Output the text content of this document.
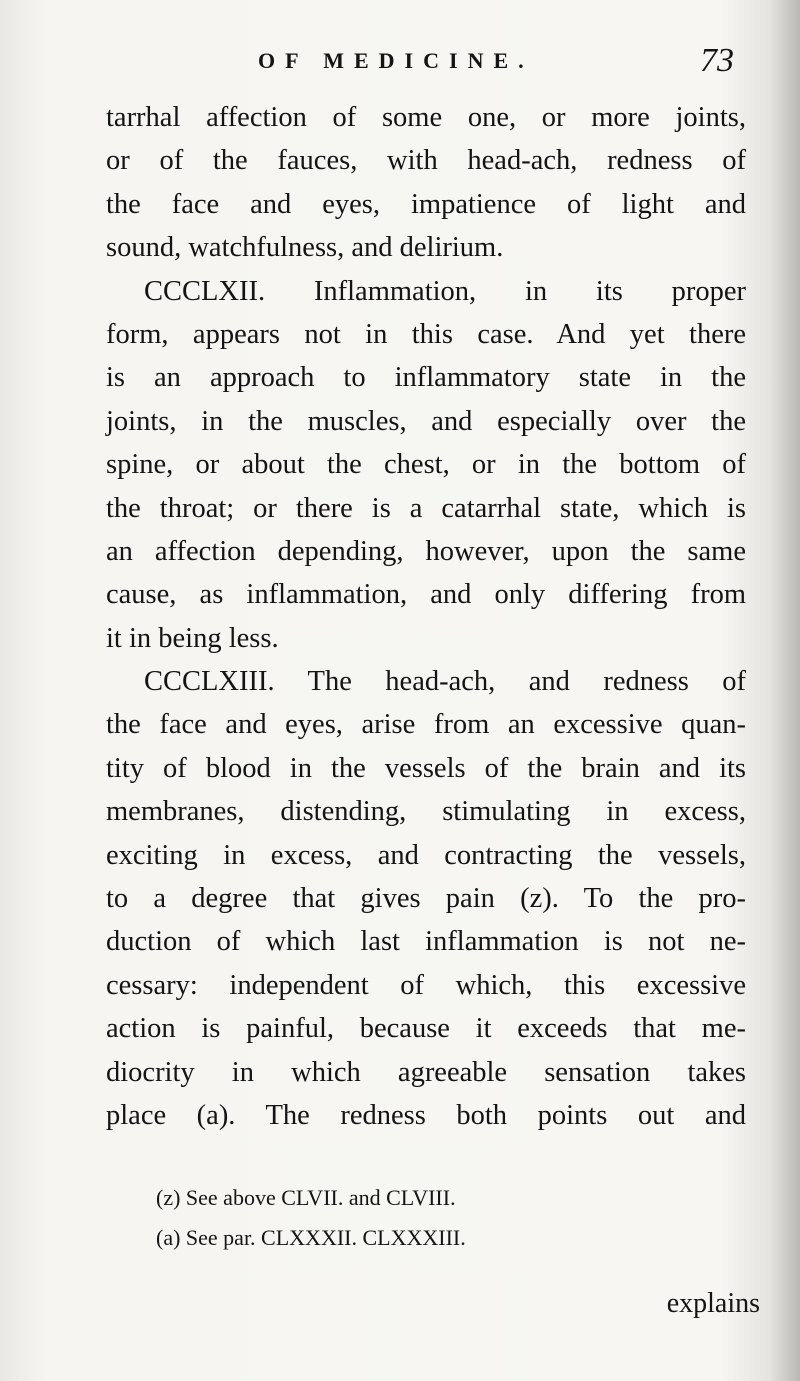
OF MEDICINE.	73
tarrhal affection of some one, or more joints,
or of the fauces, with head-ach, redness of
the face and eyes, impatience of light and
sound, watchfulness, and delirium.
CCCLXII. Inflammation, in its proper
form, appears not in this case. And yet there
is an approach to inflammatory state in the
joints, in the muscles, and especially over the
spine, or about the chest, or in the bottom of
the throat; or there is a catarrhal state, which is
an affection depending, however, upon the same
cause, as inflammation, and only differing from
it in being less.
CCCLXIII. The head-ach, and redness of
the face and eyes, arise from an excessive quan-
tity of blood in the vessels of the brain and its
membranes, distending, stimulating in excess,
exciting in excess, and contracting the vessels,
to a degree that gives pain (z). To the pro-
duction of which last inflammation is not ne-
cessary: independent of which, this excessive
action is painful, because it exceeds that me-
diocrity in which agreeable sensation takes
place (a). The redness both points out and
(z) See above CLVII. and CLVIII.
(a) See par. CLXXXII. CLXXXIII.
explains
